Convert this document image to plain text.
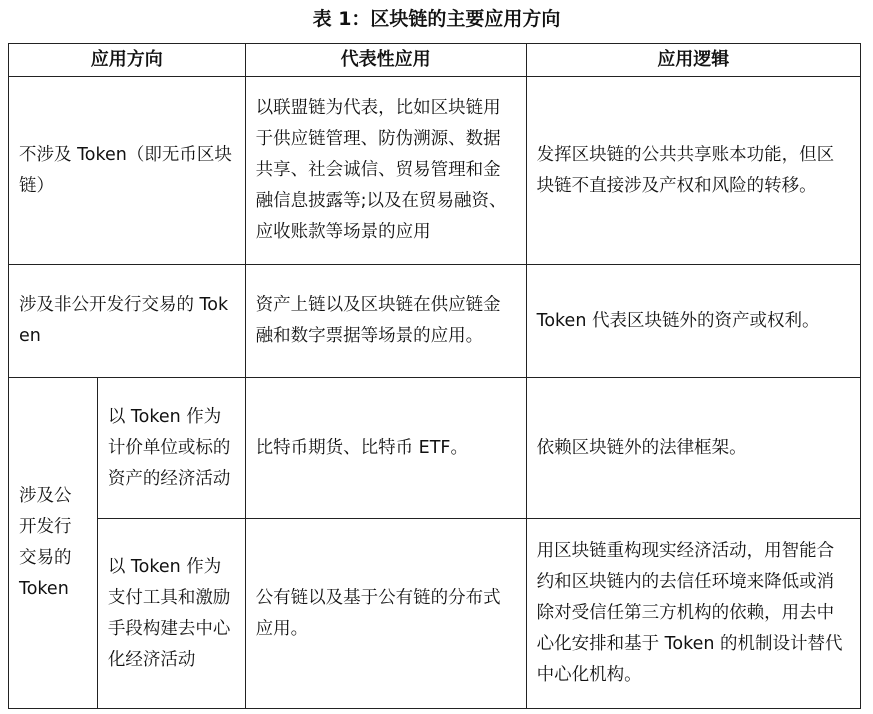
表 1：区块链的主要应用方向
应用方向		代表性应用	应用逻辑
不涉及 Token（即无币区块链）		以联盟链为代表，比如区块链用于供应链管理、防伪溯源、数据共享、社会诚信、贸易管理和金融信息披露等;以及在贸易融资、应收账款等场景的应用	发挥区块链的公共共享账本功能，但区块链不直接涉及产权和风险的转移。
涉及非公开发行交易的 Token		资产上链以及区块链在供应链金融和数字票据等场景的应用。	Token 代表区块链外的资产或权利。
涉及公开发行交易的 Token	以 Token 作为计价单位或标的资产的经济活动	比特币期货、比特币 ETF。	依赖区块链外的法律框架。
	以 Token 作为支付工具和激励手段构建去中心化经济活动	公有链以及基于公有链的分布式应用。	用区块链重构现实经济活动，用智能合约和区块链内的去信任环境来降低或消除对受信任第三方机构的依赖，用去中心化安排和基于 Token 的机制设计替代中心化机构。
